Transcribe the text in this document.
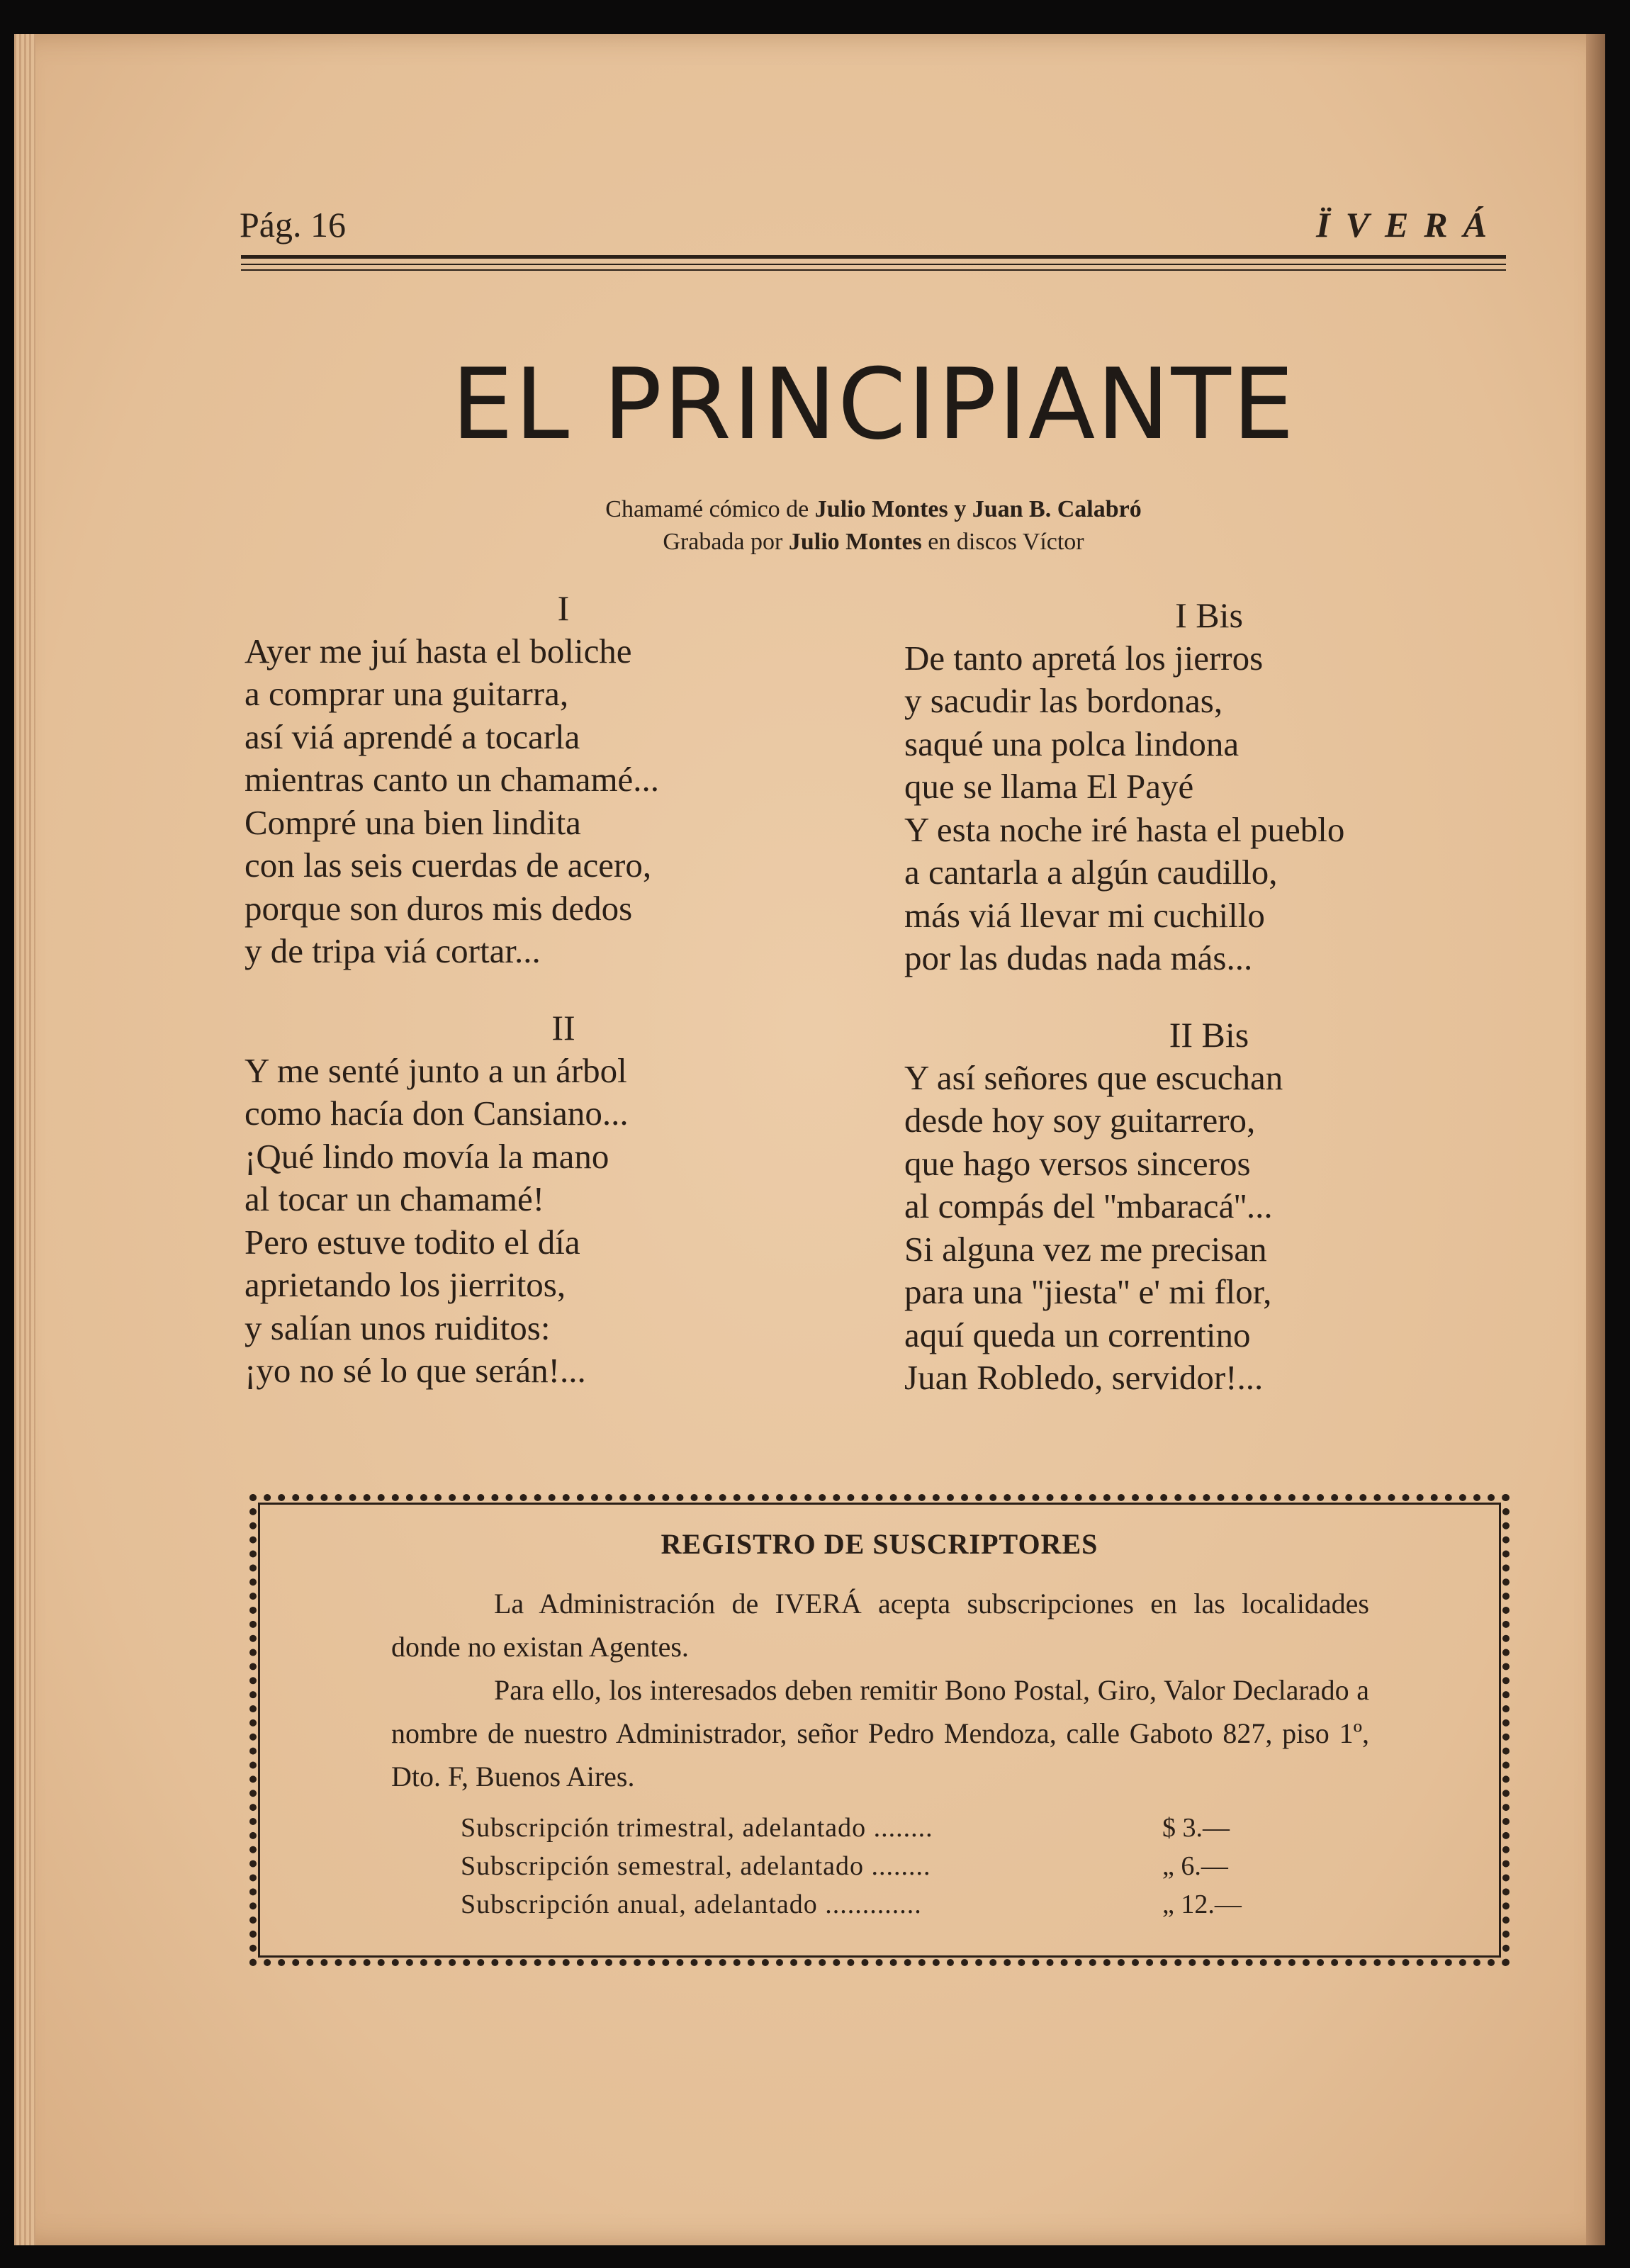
Pág. 16	ÏVERÁ
EL PRINCIPIANTE
Chamamé cómico de Julio Montes y Juan B. Calabró
Grabada por Julio Montes en discos Víctor
I
Ayer me juí hasta el boliche
a comprar una guitarra,
así viá aprendé a tocarla
mientras canto un chamamé...
Compré una bien lindita
con las seis cuerdas de acero,
porque son duros mis dedos
y de tripa viá cortar...
II
Y me senté junto a un árbol
como hacía don Cansiano...
¡Qué lindo movía la mano
al tocar un chamamé!
Pero estuve todito el día
aprietando los jierritos,
y salían unos ruiditos:
¡yo no sé lo que serán!...
I Bis
De tanto apretá los jierros
y sacudir las bordonas,
saqué una polca lindona
que se llama El Payé
Y esta noche iré hasta el pueblo
a cantarla a algún caudillo,
más viá llevar mi cuchillo
por las dudas nada más...
II Bis
Y así señores que escuchan
desde hoy soy guitarrero,
que hago versos sinceros
al compás del ''mbaracá''...
Si alguna vez me precisan
para una ''jiesta'' e' mi flor,
aquí queda un correntino
Juan Robledo, servidor!...
REGISTRO DE SUSCRIPTORES
La Administración de IVERÁ acepta subscripciones en las localidades donde no existan Agentes.
Para ello, los interesados deben remitir Bono Postal, Giro, Valor Declarado a nombre de nuestro Administrador, señor Pedro Mendoza, calle Gaboto 827, piso 1º, Dto. F, Buenos Aires.
Subscripción trimestral, adelantado ........	$ 3.—
Subscripción semestral, adelantado ........	„ 6.—
Subscripción anual, adelantado .............	„ 12.—
